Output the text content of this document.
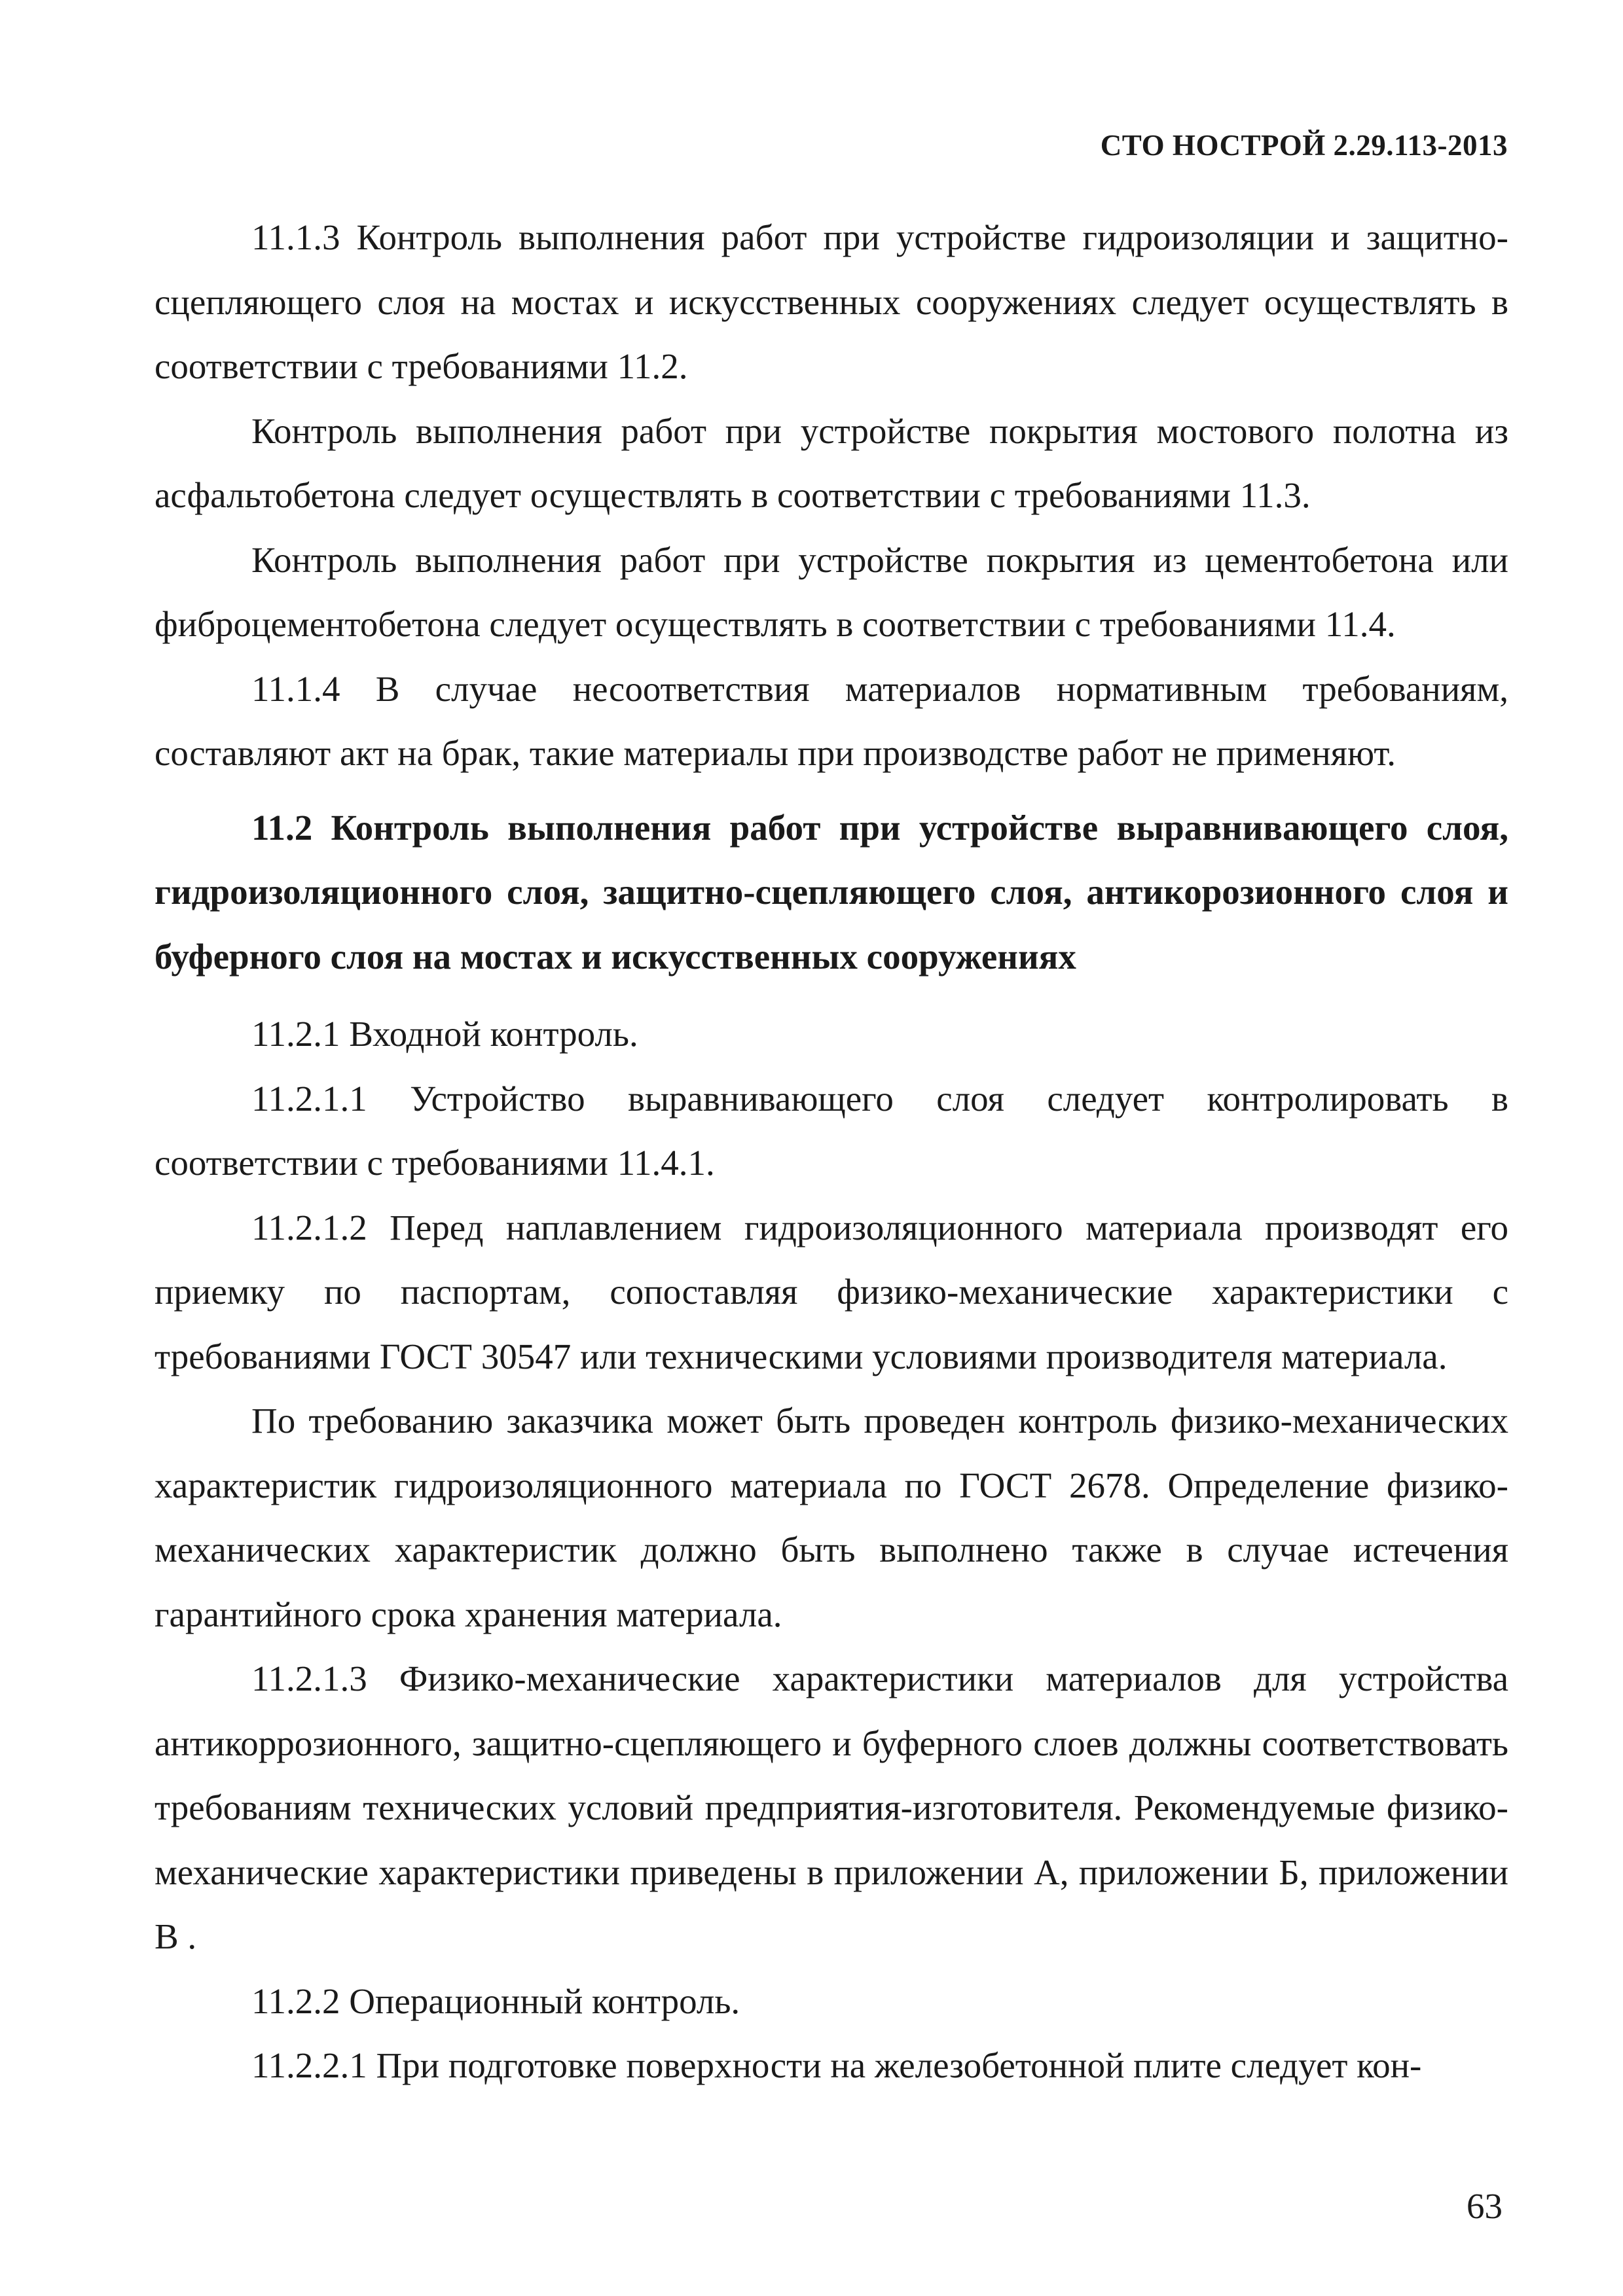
СТО НОСТРОЙ 2.29.113-2013

11.1.3 Контроль выполнения работ при устройстве гидроизоляции и защитно-сцепляющего слоя на мостах и искусственных сооружениях следует осуществлять в соответствии с требованиями 11.2.

Контроль выполнения работ при устройстве покрытия мостового полотна из асфальтобетона следует осуществлять в соответствии с требованиями 11.3.

Контроль выполнения работ при устройстве покрытия из цементобетона или фиброцементобетона следует осуществлять в соответствии с требованиями 11.4.

11.1.4 В случае несоответствия материалов нормативным требованиям, составляют акт на брак, такие материалы при производстве работ не применяют.

11.2 Контроль выполнения работ при устройстве выравнивающего слоя, гидроизоляционного слоя, защитно-сцепляющего слоя, антикорозионного слоя и буферного слоя на мостах и искусственных сооружениях

11.2.1 Входной контроль.

11.2.1.1 Устройство выравнивающего слоя следует контролировать в соответствии с требованиями 11.4.1.

11.2.1.2 Перед наплавлением гидроизоляционного материала производят его приемку по паспортам, сопоставляя физико-механические характеристики с требованиями ГОСТ 30547 или техническими условиями производителя материала.

По требованию заказчика может быть проведен контроль физико-механических характеристик гидроизоляционного материала по ГОСТ 2678. Определение физико-механических характеристик должно быть выполнено также в случае истечения гарантийного срока хранения материала.

11.2.1.3 Физико-механические характеристики материалов для устройства антикоррозионного, защитно-сцепляющего и буферного слоев должны соответствовать требованиям технических условий предприятия-изготовителя. Рекомендуемые физико-механические характеристики приведены в приложении А, приложении Б, приложении В .

11.2.2 Операционный контроль.

11.2.2.1 При подготовке поверхности на железобетонной плите следует кон-

63
